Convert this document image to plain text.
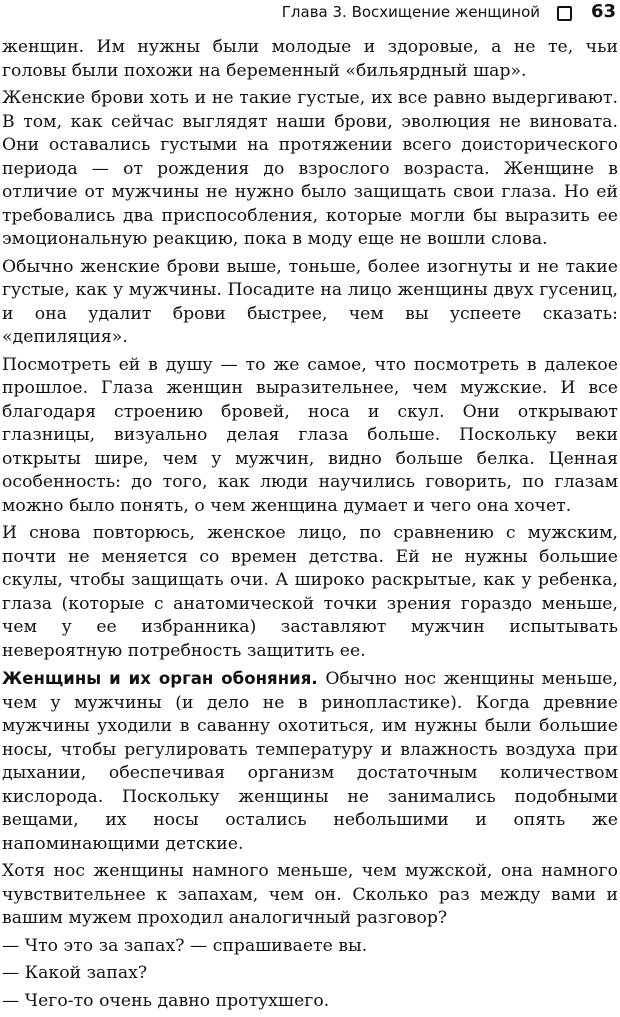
Глава 3. Восхищение женщиной	63

женщин. Им нужны были молодые и здоровые, а не те, чьи головы были похожи на беременный «бильярдный шар».

Женские брови хоть и не такие густые, их все равно выдергивают. В том, как сейчас выглядят наши брови, эволюция не виновата. Они оставались густыми на протяжении всего доисторического периода — от рождения до взрослого возраста. Женщине в отличие от мужчины не нужно было защищать свои глаза. Но ей требовались два приспособления, которые могли бы выразить ее эмоциональную реакцию, пока в моду еще не вошли слова.

Обычно женские брови выше, тоньше, более изогнуты и не такие густые, как у мужчины. Посадите на лицо женщины двух гусениц, и она удалит брови быстрее, чем вы успеете сказать: «депиляция».

Посмотреть ей в душу — то же самое, что посмотреть в далекое прошлое. Глаза женщин выразительнее, чем мужские. И все благодаря строению бровей, носа и скул. Они открывают глазницы, визуально делая глаза больше. Поскольку веки открыты шире, чем у мужчин, видно больше белка. Ценная особенность: до того, как люди научились говорить, по глазам можно было понять, о чем женщина думает и чего она хочет.

И снова повторюсь, женское лицо, по сравнению с мужским, почти не меняется со времен детства. Ей не нужны большие скулы, чтобы защищать очи. А широко раскрытые, как у ребенка, глаза (которые с анатомической точки зрения гораздо меньше, чем у ее избранника) заставляют мужчин испытывать невероятную потребность защитить ее.

Женщины и их орган обоняния. Обычно нос женщины меньше, чем у мужчины (и дело не в ринопластике). Когда древние мужчины уходили в саванну охотиться, им нужны были большие носы, чтобы регулировать температуру и влажность воздуха при дыхании, обеспечивая организм достаточным количеством кислорода. Поскольку женщины не занимались подобными вещами, их носы остались небольшими и опять же напоминающими детские.

Хотя нос женщины намного меньше, чем мужской, она намного чувствительнее к запахам, чем он. Сколько раз между вами и вашим мужем проходил аналогичный разговор?

— Что это за запах? — спрашиваете вы.

— Какой запах?

— Чего-то очень давно протухшего.
